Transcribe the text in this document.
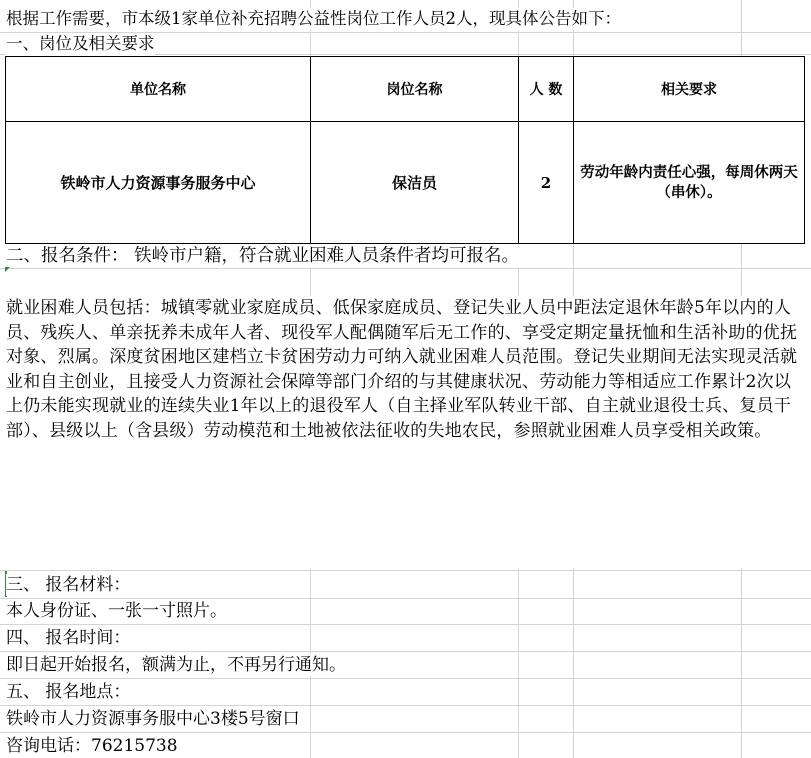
根据工作需要，市本级1家单位补充招聘公益性岗位工作人员2人，现具体公告如下：
一、岗位及相关要求
单位名称	岗位名称	人 数	相关要求
铁岭市人力资源事务服务中心	保洁员	2	劳动年龄内责任心强，每周休两天（串休）。
二、报名条件： 铁岭市户籍，符合就业困难人员条件者均可报名。
就业困难人员包括：城镇零就业家庭成员、低保家庭成员、登记失业人员中距法定退休年龄5年以内的人员、残疾人、单亲抚养未成年人者、现役军人配偶随军后无工作的、享受定期定量抚恤和生活补助的优抚对象、烈属。深度贫困地区建档立卡贫困劳动力可纳入就业困难人员范围。登记失业期间无法实现灵活就业和自主创业，且接受人力资源社会保障等部门介绍的与其健康状况、劳动能力等相适应工作累计2次以上仍未能实现就业的连续失业1年以上的退役军人（自主择业军队转业干部、自主就业退役士兵、复员干部）、县级以上（含县级）劳动模范和土地被依法征收的失地农民，参照就业困难人员享受相关政策。
三、 报名材料：
本人身份证、一张一寸照片。
四、 报名时间：
即日起开始报名，额满为止，不再另行通知。
五、 报名地点：
铁岭市人力资源事务服中心3楼5号窗口
咨询电话：76215738
